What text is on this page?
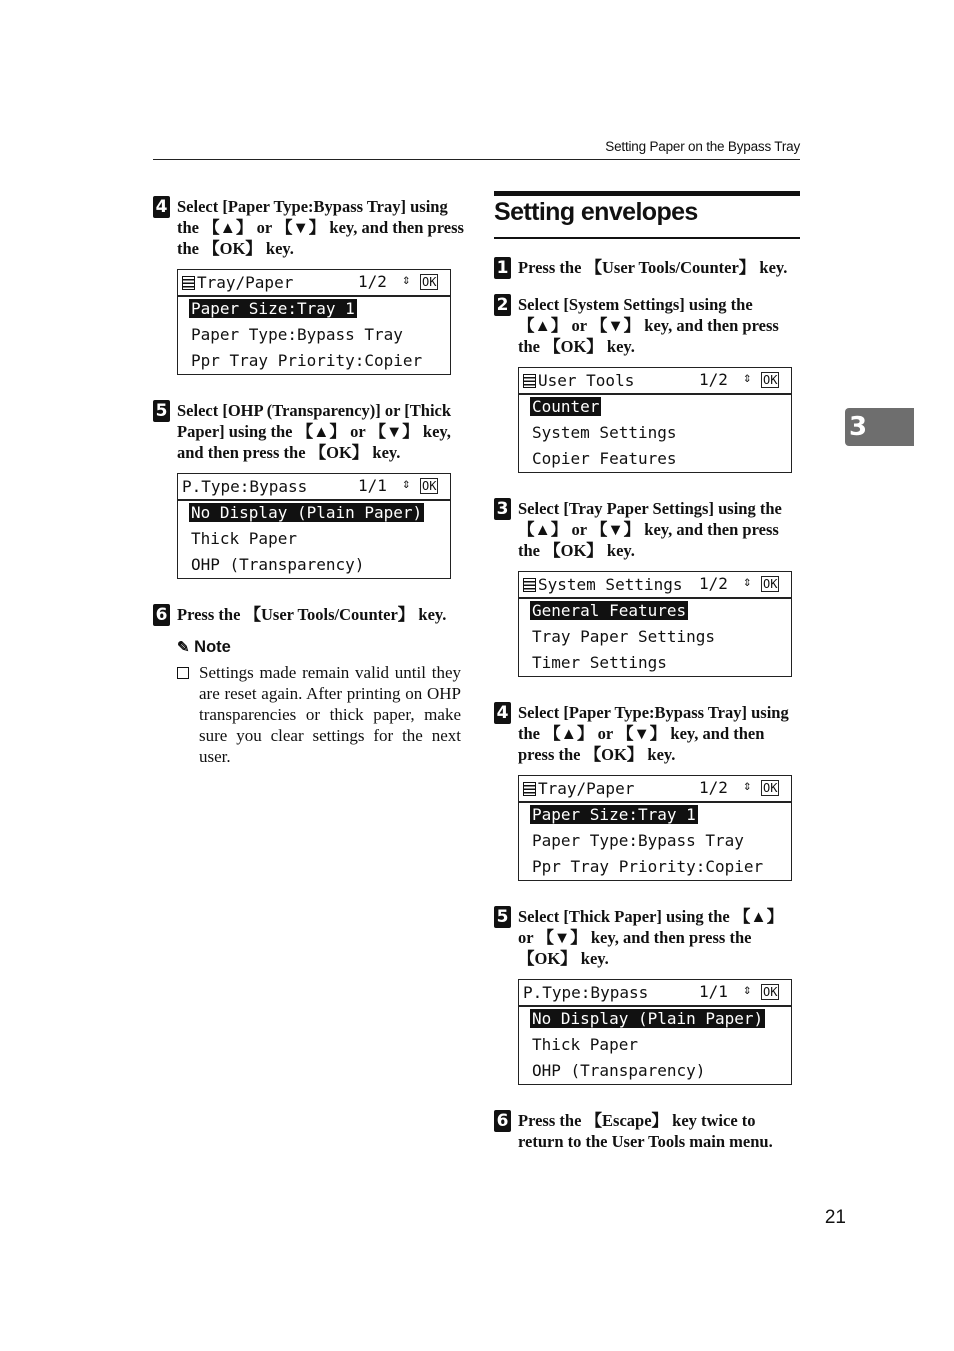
Setting Paper on the Bypass Tray
4 Select [Paper Type:Bypass Tray] using the 【▲】 or 【▼】 key, and then press the 【OK】 key.
Tray/Paper	1/2 ⇕ OK
Paper Size:Tray 1
Paper Type:Bypass Tray
Ppr Tray Priority:Copier
5 Select [OHP (Transparency)] or [Thick Paper] using the 【▲】 or 【▼】 key, and then press the 【OK】 key.
P.Type:Bypass	1/1 ⇕ OK
No Display (Plain Paper)
Thick Paper
OHP (Transparency)
6 Press the 【User Tools/Counter】 key.
✎ Note
Settings made remain valid until they are reset again. After printing on OHP transparencies or thick paper, make sure you clear settings for the next user.
Setting envelopes
1 Press the 【User Tools/Counter】 key.
2 Select [System Settings] using the 【▲】 or 【▼】 key, and then press the 【OK】 key.
User Tools	1/2 ⇕ OK
Counter
System Settings
Copier Features
3 Select [Tray Paper Settings] using the 【▲】 or 【▼】 key, and then press the 【OK】 key.
System Settings	1/2 ⇕ OK
General Features
Tray Paper Settings
Timer Settings
4 Select [Paper Type:Bypass Tray] using the 【▲】 or 【▼】 key, and then press the 【OK】 key.
Tray/Paper	1/2 ⇕ OK
Paper Size:Tray 1
Paper Type:Bypass Tray
Ppr Tray Priority:Copier
5 Select [Thick Paper] using the 【▲】 or 【▼】 key, and then press the 【OK】 key.
P.Type:Bypass	1/1 ⇕ OK
No Display (Plain Paper)
Thick Paper
OHP (Transparency)
6 Press the 【Escape】 key twice to return to the User Tools main menu.
3
21
